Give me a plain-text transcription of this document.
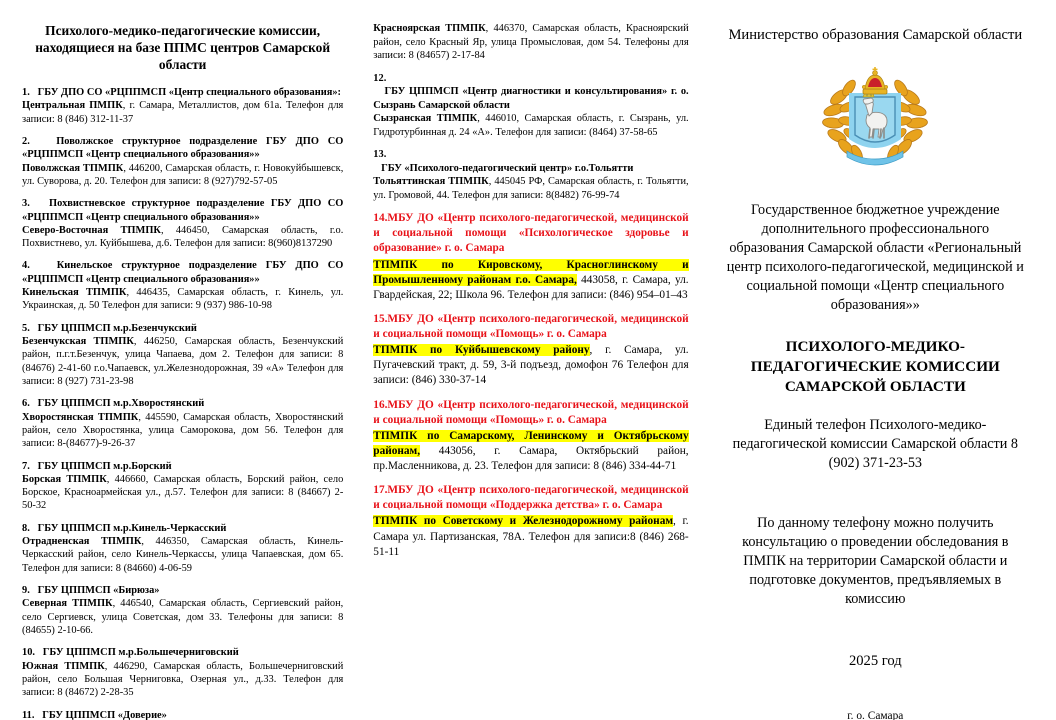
Психолого-медико-педагогические комиссии, находящиеся на базе ППМС центров Самарской области
1.   ГБУ ДПО СО «РЦППМСП «Центр специального образования»:
Центральная ПМПК, г. Самара, Металлистов, дом 61а. Телефон для записи: 8 (846) 312-11-37
2.   Поволжское структурное подразделение ГБУ ДПО СО «РЦППМСП «Центр специального образования»»
Поволжская ТПМПК, 446200, Самарская область, г. Новокуйбышевск, ул. Суворова, д. 20. Телефон для записи: 8 (927)792-57-05
3.   Похвистневское структурное подразделение ГБУ ДПО СО «РЦППМСП «Центр специального образования»»
Северо-Восточная ТПМПК, 446450, Самарская область, г.о. Похвистнево, ул. Куйбышева, д.6. Телефон для записи: 8(960)8137290
4.   Кинельское структурное подразделение ГБУ ДПО СО «РЦППМСП «Центр специального образования»»
Кинельская ТПМПК, 446435, Самарская область, г. Кинель, ул. Украинская, д. 50 Телефон для записи: 9 (937) 986-10-98
5.   ГБУ ЦППМСП м.р.Безенчукский
Безенчукская ТПМПК, 446250, Самарская область, Безенчукский район, п.г.т.Безенчук, улица Чапаева, дом 2. Телефон для записи: 8 (84676) 2-41-60 г.о.Чапаевск, ул.Железнодорожная, 39 «А» Телефон для записи: 8 (927) 731-23-98
6.   ГБУ ЦППМСП м.р.Хворостянский
Хворостянская ТПМПК, 445590, Самарская область, Хворостянский район, село Хворостянка, улица Саморокова, дом 56. Телефон для записи: 8-(84677)-9-26-37
7.   ГБУ ЦППМСП м.р.Борский
Борская ТПМПК, 446660, Самарская область, Борский район, село Борское, Красноармейская ул., д.57. Телефон для записи: 8 (84667) 2-50-32
8.   ГБУ ЦППМСП м.р.Кинель-Черкасский
Отрадненская ТПМПК, 446350, Самарская область, Кинель-Черкасский район, село Кинель-Черкассы, улица Чапаевская, дом 65. Телефон для записи: 8 (84660) 4-06-59
9.   ГБУ ЦППМСП «Бирюза»
Северная ТПМПК, 446540, Самарская область, Сергиевский район, село Сергиевск, улица Советская, дом 33. Телефоны для записи: 8 (84655) 2-10-66.
10.   ГБУ ЦППМСП м.р.Большечерниговский
Южная ТПМПК, 446290, Самарская область, Большечерниговский район, село Большая Черниговка, Озерная ул., д.33. Телефон для записи: 8 (84672) 2-28-35
11.   ГБУ ЦППМСП «Доверие»
Красноярская ТПМПК, 446370, Самарская область, Красноярский район, село Красный Яр, улица Промысловая, дом 54. Телефоны для записи: 8 (84657) 2-17-84
12.
ГБУ ЦППМСП «Центр диагностики и консультирования» г. о. Сызрань Самарской области
Сызранская ТПМПК, 446010, Самарская область, г. Сызрань, ул. Гидротурбинная д. 24 «А». Телефон для записи: (8464) 37-58-65
13.
ГБУ «Психолого-педагогический центр» г.о.Тольятти
Тольяттинская ТПМПК, 445045 РФ, Самарская область, г. Тольятти, ул. Громовой, 44. Телефон для записи: 8(8482) 76-99-74
14.МБУ ДО «Центр психолого-педагогической, медицинской и социальной помощи «Психологическое здоровье и образование» г. о. Самара
ТПМПК по Кировскому, Красноглинскому и Промышленному районам г.о. Самара, 443058, г. Самара, ул. Гвардейская, 22; Школа 96. Телефон для записи: (846) 954–01–43
15.МБУ ДО «Центр психолого-педагогической, медицинской и социальной помощи «Помощь» г. о. Самара
ТПМПК по Куйбышевскому району, г. Самара, ул. Пугачевский тракт, д. 59, 3-й подъезд, домофон 76 Телефон для записи: (846) 330-37-14
16.МБУ ДО «Центр психолого-педагогической, медицинской и социальной помощи «Помощь» г. о. Самара
ТПМПК по Самарскому, Ленинскому и Октябрьскому районам, 443056, г. Самара, Октябрьский район, пр.Масленникова, д. 23. Телефон для записи: 8 (846) 334-44-71
17.МБУ ДО «Центр психолого-педагогической, медицинской и социальной помощи «Поддержка детства» г. о. Самара
ТПМПК по Советскому и Железнодорожному районам, г. Самара ул. Партизанская, 78А. Телефон для записи:8 (846) 268-51-11
Министерство образования Самарской области
Государственное бюджетное учреждение дополнительного профессионального образования Самарской области «Региональный центр психолого-педагогической, медицинской и социальной помощи «Центр специального образования»»
ПСИХОЛОГО-МЕДИКО-ПЕДАГОГИЧЕСКИЕ КОМИССИИ САМАРСКОЙ ОБЛАСТИ
Единый телефон Психолого-медико-педагогической комиссии Самарской области 8 (902) 371-23-53
По данному телефону можно получить консультацию о проведении обследования в ПМПК на территории Самарской области и подготовке документов, предъявляемых в комиссию
2025 год
г. о. Самара
